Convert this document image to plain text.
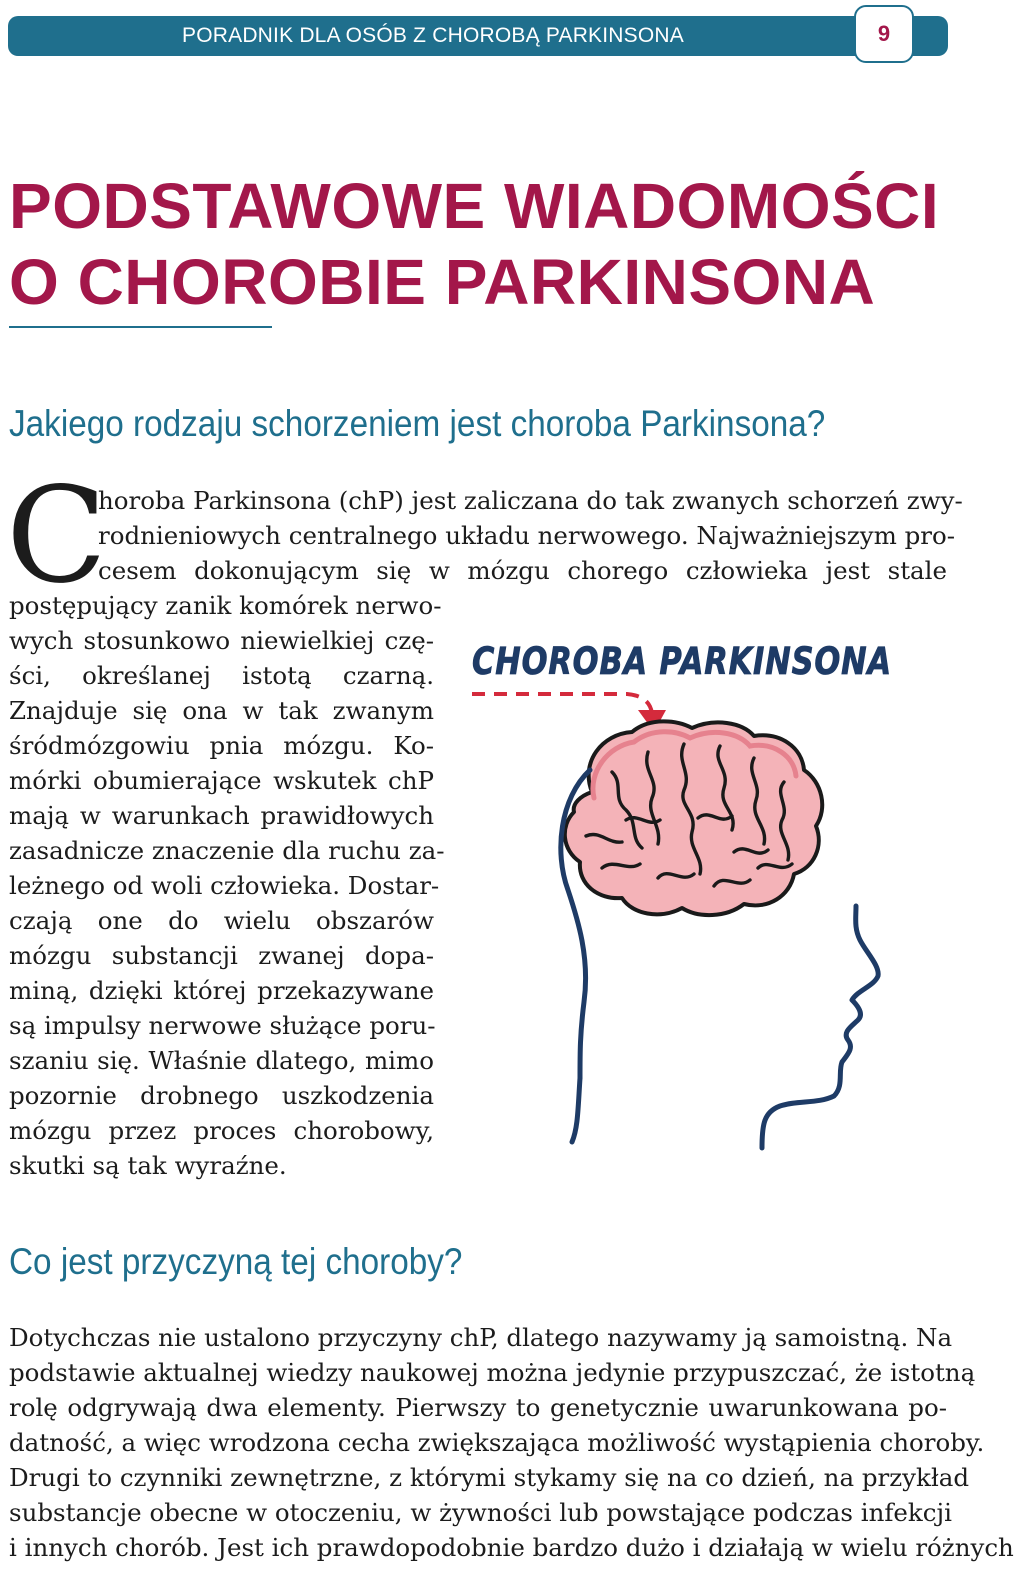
PORADNIK DLA OSÓB Z CHOROBĄ PARKINSONA	9
PODSTAWOWE WIADOMOŚCI
O CHOROBIE PARKINSONA
Jakiego rodzaju schorzeniem jest choroba Parkinsona?
C
horoba Parkinsona (chP) jest zaliczana do tak zwanych schorzeń zwy-
rodnieniowych centralnego układu nerwowego. Najważniejszym pro-
cesem dokonującym się w mózgu chorego człowieka jest stale
postępujący zanik komórek nerwo-
wych stosunkowo niewielkiej czę-
ści, określanej istotą czarną.
Znajduje się ona w tak zwanym
śródmózgowiu pnia mózgu. Ko-
mórki obumierające wskutek chP
mają w warunkach prawidłowych
zasadnicze znaczenie dla ruchu za-
leżnego od woli człowieka. Dostar-
czają one do wielu obszarów
mózgu substancji zwanej dopa-
miną, dzięki której przekazywane
są impulsy nerwowe służące poru-
szaniu się. Właśnie dlatego, mimo
pozornie drobnego uszkodzenia
mózgu przez proces chorobowy,
skutki są tak wyraźne.
CHOROBA PARKINSONA
Co jest przyczyną tej choroby?
Dotychczas nie ustalono przyczyny chP, dlatego nazywamy ją samoistną. Na
podstawie aktualnej wiedzy naukowej można jedynie przypuszczać, że istotną
rolę odgrywają dwa elementy. Pierwszy to genetycznie uwarunkowana po-
datność, a więc wrodzona cecha zwiększająca możliwość wystąpienia choroby.
Drugi to czynniki zewnętrzne, z którymi stykamy się na co dzień, na przykład
substancje obecne w otoczeniu, w żywności lub powstające podczas infekcji
i innych chorób. Jest ich prawdopodobnie bardzo dużo i działają w wielu różnych
